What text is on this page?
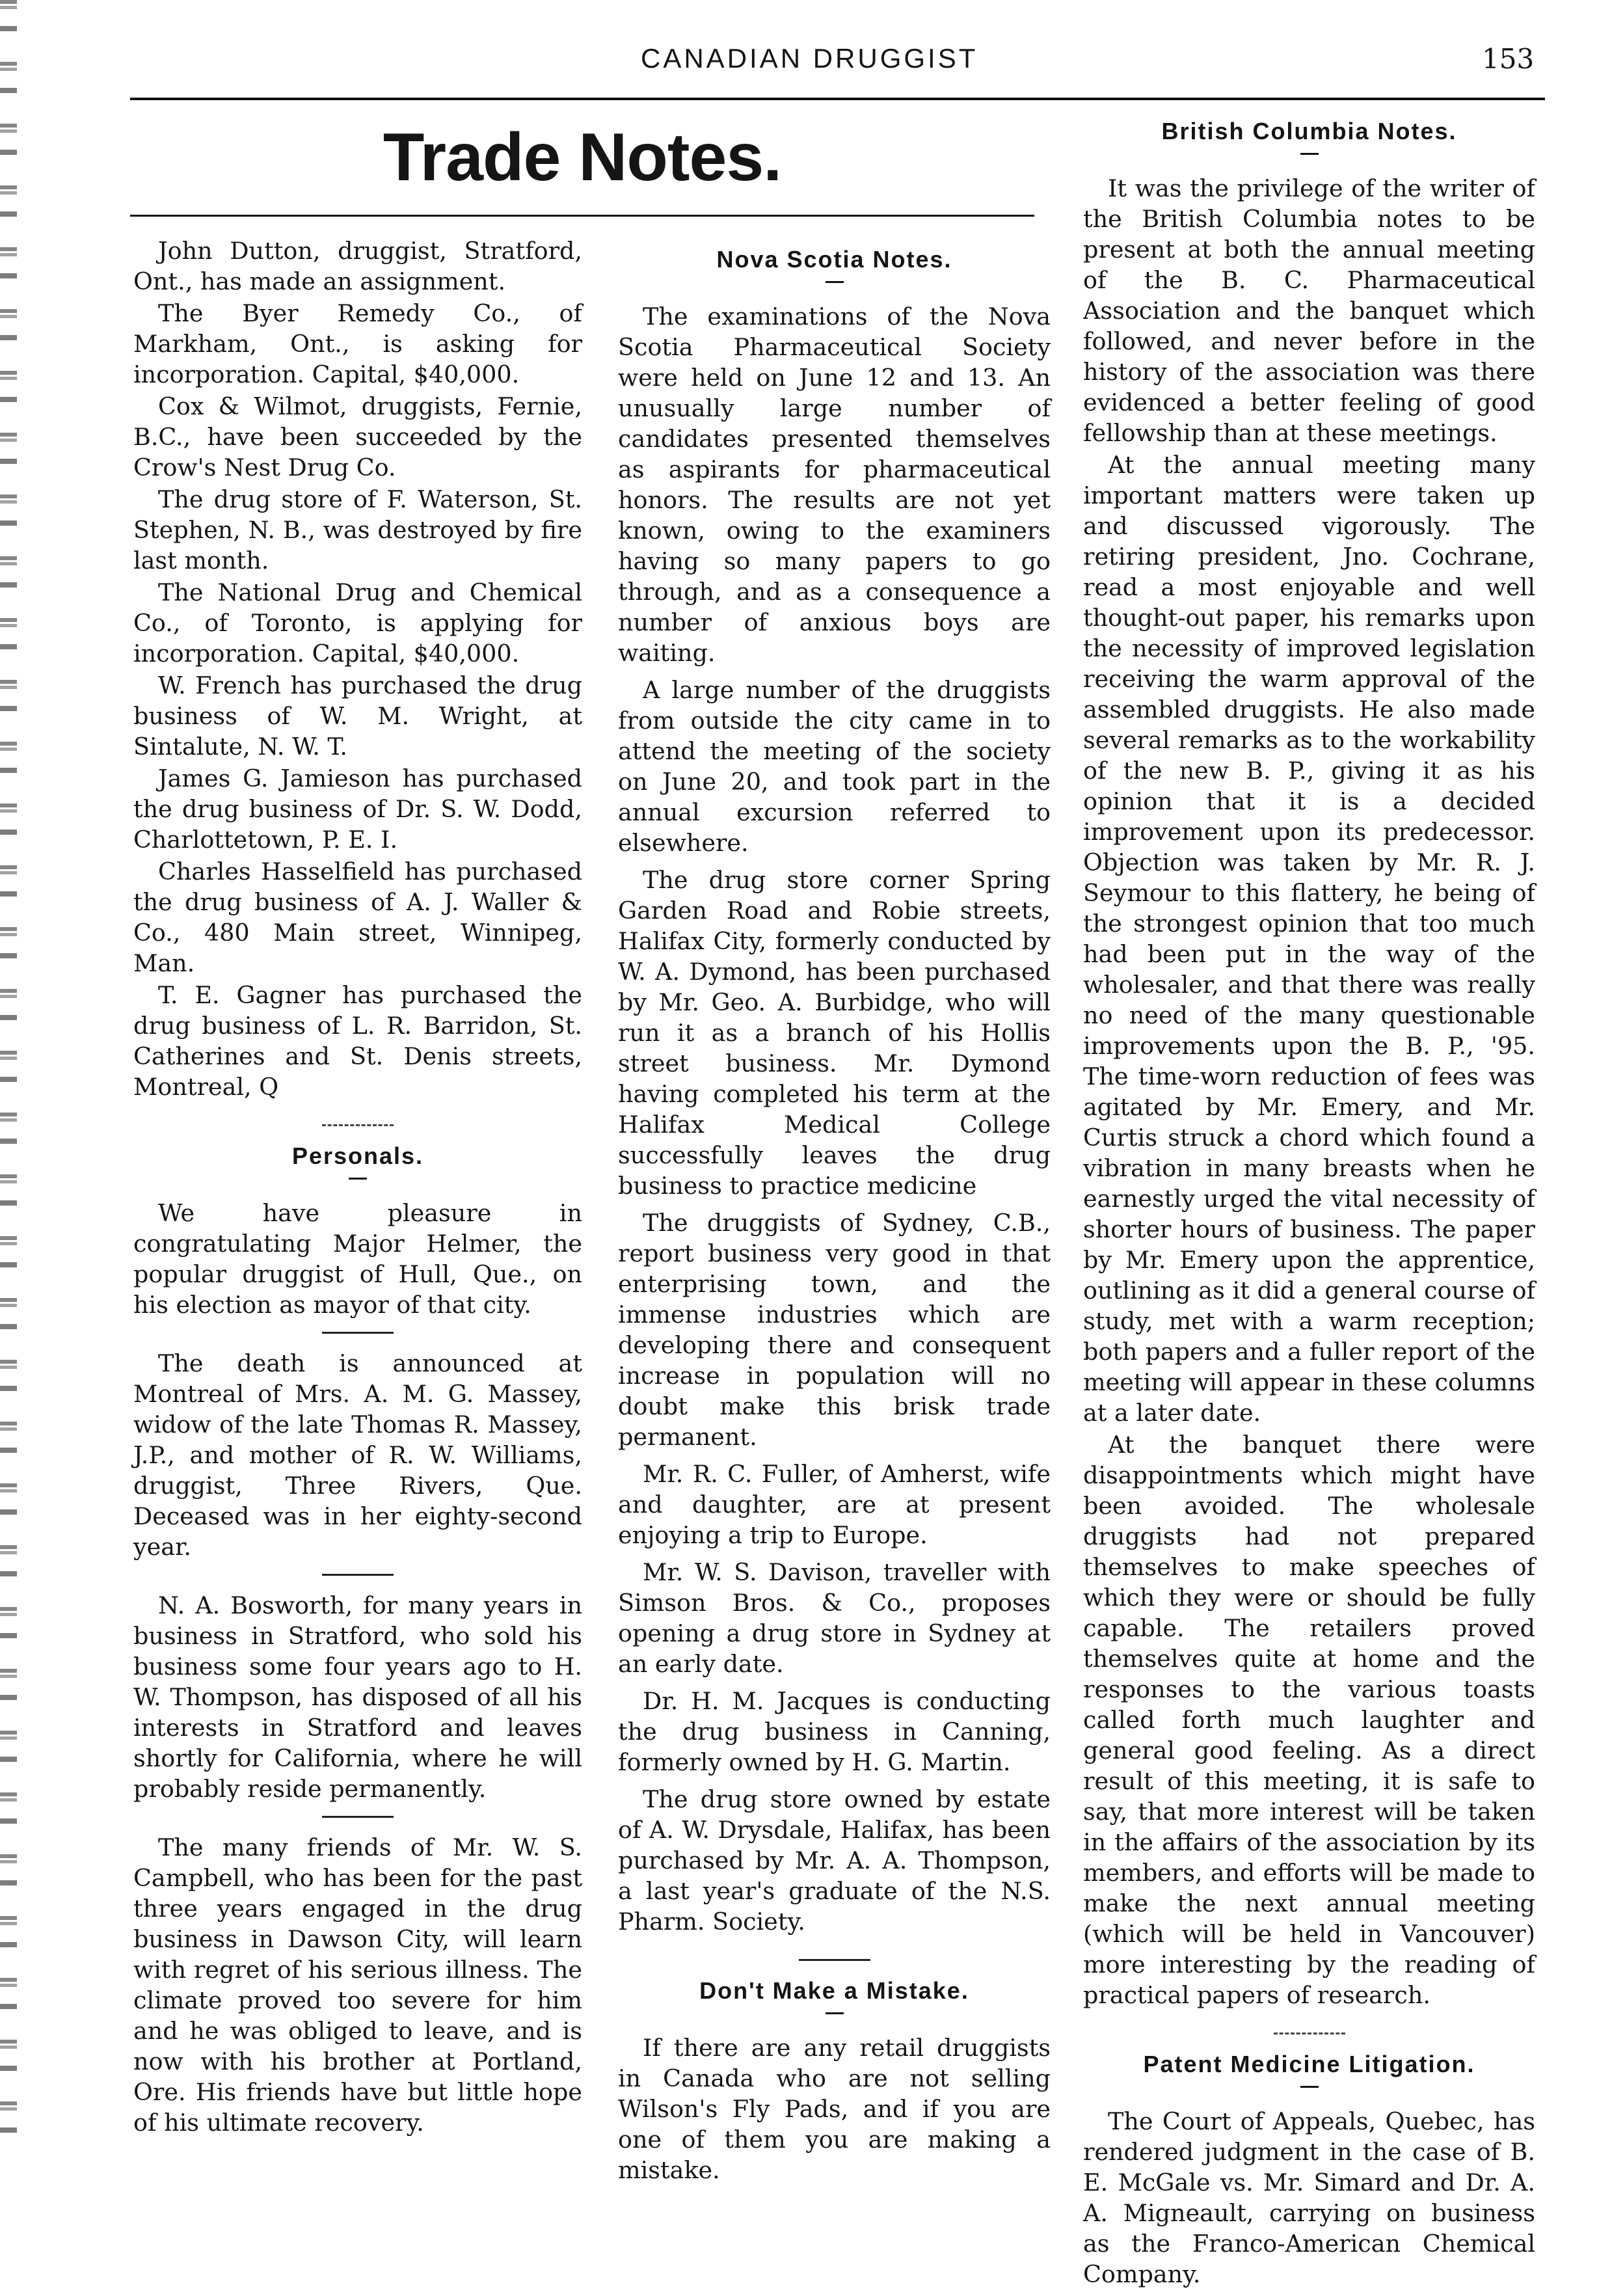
CANADIAN DRUGGIST	153
Trade Notes.

John Dutton, druggist, Stratford, Ont., has made an assignment.

The Byer Remedy Co., of Markham, Ont., is asking for incorporation. Capital, $40,000.

Cox & Wilmot, druggists, Fernie, B.C., have been succeeded by the Crow's Nest Drug Co.

The drug store of F. Waterson, St. Stephen, N. B., was destroyed by fire last month.

The National Drug and Chemical Co., of Toronto, is applying for incorporation. Capital, $40,000.

W. French has purchased the drug business of W. M. Wright, at Sintalute, N. W. T.

James G. Jamieson has purchased the drug business of Dr. S. W. Dodd, Charlottetown, P. E. I.

Charles Hasselfield has purchased the drug business of A. J. Waller & Co., 480 Main street, Winnipeg, Man.

T. E. Gagner has purchased the drug business of L. R. Barridon, St. Catherines and St. Denis streets, Montreal, Q

Personals.

We have pleasure in congratulating Major Helmer, the popular druggist of Hull, Que., on his election as mayor of that city.

The death is announced at Montreal of Mrs. A. M. G. Massey, widow of the late Thomas R. Massey, J.P., and mother of R. W. Williams, druggist, Three Rivers, Que. Deceased was in her eighty-second year.

N. A. Bosworth, for many years in business in Stratford, who sold his business some four years ago to H. W. Thompson, has disposed of all his interests in Stratford and leaves shortly for California, where he will probably reside permanently.

The many friends of Mr. W. S. Campbell, who has been for the past three years engaged in the drug business in Dawson City, will learn with regret of his serious illness. The climate proved too severe for him and he was obliged to leave, and is now with his brother at Portland, Ore. His friends have but little hope of his ultimate recovery.

Nova Scotia Notes.

The examinations of the Nova Scotia Pharmaceutical Society were held on June 12 and 13. An unusually large number of candidates presented themselves as aspirants for pharmaceutical honors. The results are not yet known, owing to the examiners having so many papers to go through, and as a consequence a number of anxious boys are waiting.

A large number of the druggists from outside the city came in to attend the meeting of the society on June 20, and took part in the annual excursion referred to elsewhere.

The drug store corner Spring Garden Road and Robie streets, Halifax City, formerly conducted by W. A. Dymond, has been purchased by Mr. Geo. A. Burbidge, who will run it as a branch of his Hollis street business. Mr. Dymond having completed his term at the Halifax Medical College successfully leaves the drug business to practice medicine

The druggists of Sydney, C.B., report business very good in that enterprising town, and the immense industries which are developing there and consequent increase in population will no doubt make this brisk trade permanent.

Mr. R. C. Fuller, of Amherst, wife and daughter, are at present enjoying a trip to Europe.

Mr. W. S. Davison, traveller with Simson Bros. & Co., proposes opening a drug store in Sydney at an early date.

Dr. H. M. Jacques is conducting the drug business in Canning, formerly owned by H. G. Martin.

The drug store owned by estate of A. W. Drysdale, Halifax, has been purchased by Mr. A. A. Thompson, a last year's graduate of the N.S. Pharm. Society.

Don't Make a Mistake.

If there are any retail druggists in Canada who are not selling Wilson's Fly Pads, and if you are one of them you are making a mistake.

British Columbia Notes.

It was the privilege of the writer of the British Columbia notes to be present at both the annual meeting of the B. C. Pharmaceutical Association and the banquet which followed, and never before in the history of the association was there evidenced a better feeling of good fellowship than at these meetings.

At the annual meeting many important matters were taken up and discussed vigorously. The retiring president, Jno. Cochrane, read a most enjoyable and well thought-out paper, his remarks upon the necessity of improved legislation receiving the warm approval of the assembled druggists. He also made several remarks as to the workability of the new B. P., giving it as his opinion that it is a decided improvement upon its predecessor. Objection was taken by Mr. R. J. Seymour to this flattery, he being of the strongest opinion that too much had been put in the way of the wholesaler, and that there was really no need of the many questionable improvements upon the B. P., '95. The time-worn reduction of fees was agitated by Mr. Emery, and Mr. Curtis struck a chord which found a vibration in many breasts when he earnestly urged the vital necessity of shorter hours of business. The paper by Mr. Emery upon the apprentice, outlining as it did a general course of study, met with a warm reception; both papers and a fuller report of the meeting will appear in these columns at a later date.

At the banquet there were disappointments which might have been avoided. The wholesale druggists had not prepared themselves to make speeches of which they were or should be fully capable. The retailers proved themselves quite at home and the responses to the various toasts called forth much laughter and general good feeling. As a direct result of this meeting, it is safe to say, that more interest will be taken in the affairs of the association by its members, and efforts will be made to make the next annual meeting (which will be held in Vancouver) more interesting by the reading of practical papers of research.

Patent Medicine Litigation.

The Court of Appeals, Quebec, has rendered judgment in the case of B. E. McGale vs. Mr. Simard and Dr. A. A. Migneault, carrying on business as the Franco-American Chemical Company.
